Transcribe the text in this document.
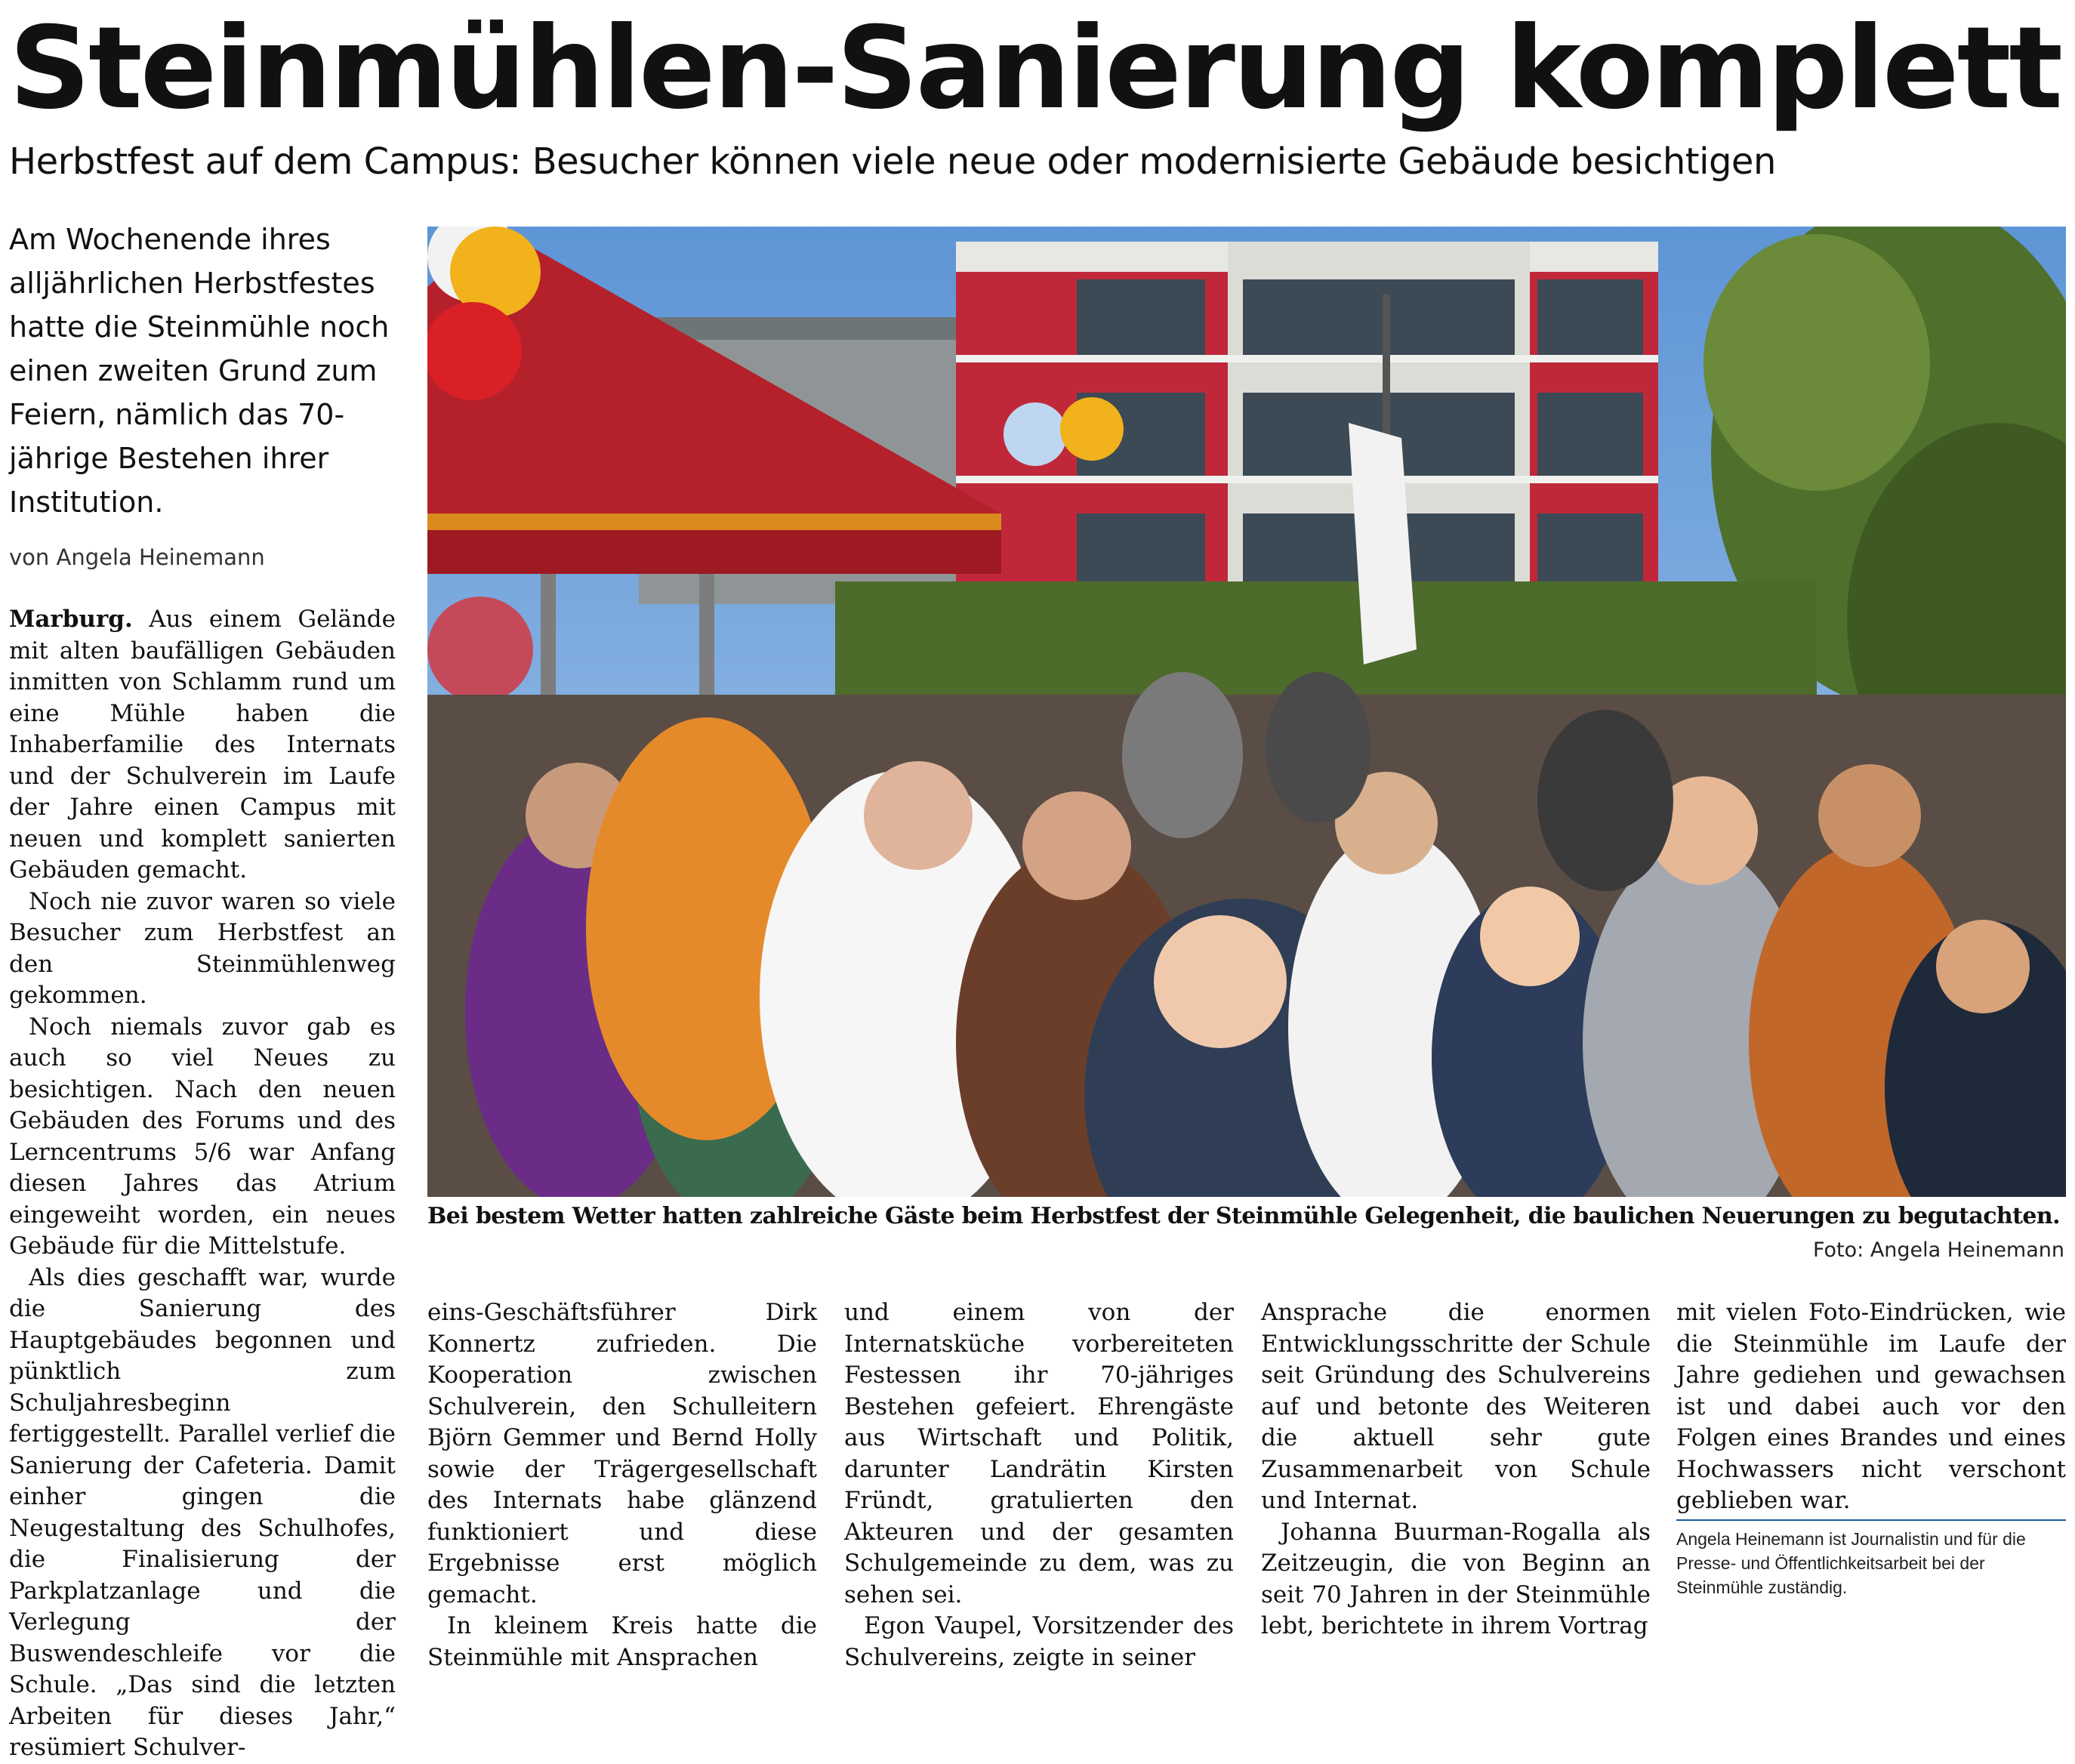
Steinmühlen-Sanierung komplett
Herbstfest auf dem Campus: Besucher können viele neue oder modernisierte Gebäude besichtigen
Am Wochenende ihres alljährlichen Herbstfestes hatte die Steinmühle noch einen zweiten Grund zum Feiern, nämlich das 70-jährige Bestehen ihrer Institution.
von Angela Heinemann

Marburg. Aus einem Gelände mit alten baufälligen Gebäuden inmitten von Schlamm rund um eine Mühle haben die Inhaberfamilie des Internats und der Schulverein im Laufe der Jahre einen Campus mit neuen und komplett sanierten Gebäuden gemacht.

Noch nie zuvor waren so viele Besucher zum Herbstfest an den Steinmühlenweg gekommen.

Noch niemals zuvor gab es auch so viel Neues zu besichtigen. Nach den neuen Gebäuden des Forums und des Lerncentrums 5/6 war Anfang diesen Jahres das Atrium eingeweiht worden, ein neues Gebäude für die Mittelstufe.

Als dies geschafft war, wurde die Sanierung des Hauptgebäudes begonnen und pünktlich zum Schuljahresbeginn fertiggestellt. Parallel verlief die Sanierung der Cafeteria. Damit einher gingen die Neugestaltung des Schulhofes, die Finalisierung der Parkplatzanlage und die Verlegung der Buswendeschleife vor die Schule. „Das sind die letzten Arbeiten für dieses Jahr,“ resümiert Schulver-

Bei bestem Wetter hatten zahlreiche Gäste beim Herbstfest der Steinmühle Gelegenheit, die baulichen Neuerungen zu begutachten.
Foto: Angela Heinemann

eins-Geschäftsführer Dirk Konnertz zufrieden. Die Kooperation zwischen Schulverein, den Schulleitern Björn Gemmer und Bernd Holly sowie der Trägergesellschaft des Internats habe glänzend funktioniert und diese Ergebnisse erst möglich gemacht.

In kleinem Kreis hatte die Steinmühle mit Ansprachen

und einem von der Internatsküche vorbereiteten Festessen ihr 70-jähriges Bestehen gefeiert. Ehrengäste aus Wirtschaft und Politik, darunter Landrätin Kirsten Fründt, gratulierten den Akteuren und der gesamten Schulgemeinde zu dem, was zu sehen sei.

Egon Vaupel, Vorsitzender des Schulvereins, zeigte in seiner

Ansprache die enormen Entwicklungsschritte der Schule seit Gründung des Schulvereins auf und betonte des Weiteren die aktuell sehr gute Zusammenarbeit von Schule und Internat.

Johanna Buurman-Rogalla als Zeitzeugin, die von Beginn an seit 70 Jahren in der Steinmühle lebt, berichtete in ihrem Vortrag

mit vielen Foto-Eindrücken, wie die Steinmühle im Laufe der Jahre gediehen und gewachsen ist und dabei auch vor den Folgen eines Brandes und eines Hochwassers nicht verschont geblieben war.

Angela Heinemann ist Journalistin und für die Presse- und Öffentlichkeitsarbeit bei der Steinmühle zuständig.
